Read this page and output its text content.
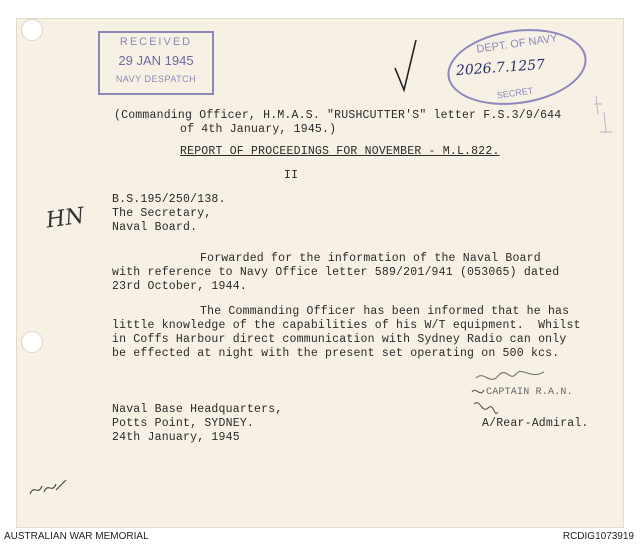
RECEIVED
29 JAN 1945
NAVY DESPATCH
DEPT. OF NAVY
2026.7.1257
SECRET
(Commanding Officer, H.M.A.S. "RUSHCUTTER'S" letter F.S.3/9/644
of 4th January, 1945.)
REPORT OF PROCEEDINGS FOR NOVEMBER - M.L.822.
II
B.S.195/250/138.
The Secretary,
Naval Board.
HN
Forwarded for the information of the Naval Board
with reference to Navy Office letter 589/201/941 (053065) dated
23rd October, 1944.
The Commanding Officer has been informed that he has
little knowledge of the capabilities of his W/T equipment.  Whilst
in Coffs Harbour direct communication with Sydney Radio can only
be effected at night with the present set operating on 500 kcs.
CAPTAIN R.A.N.
Naval Base Headquarters,
Potts Point, SYDNEY.
24th January, 1945
A/Rear-Admiral.
AUSTRALIAN WAR MEMORIAL	RCDIG1073919
